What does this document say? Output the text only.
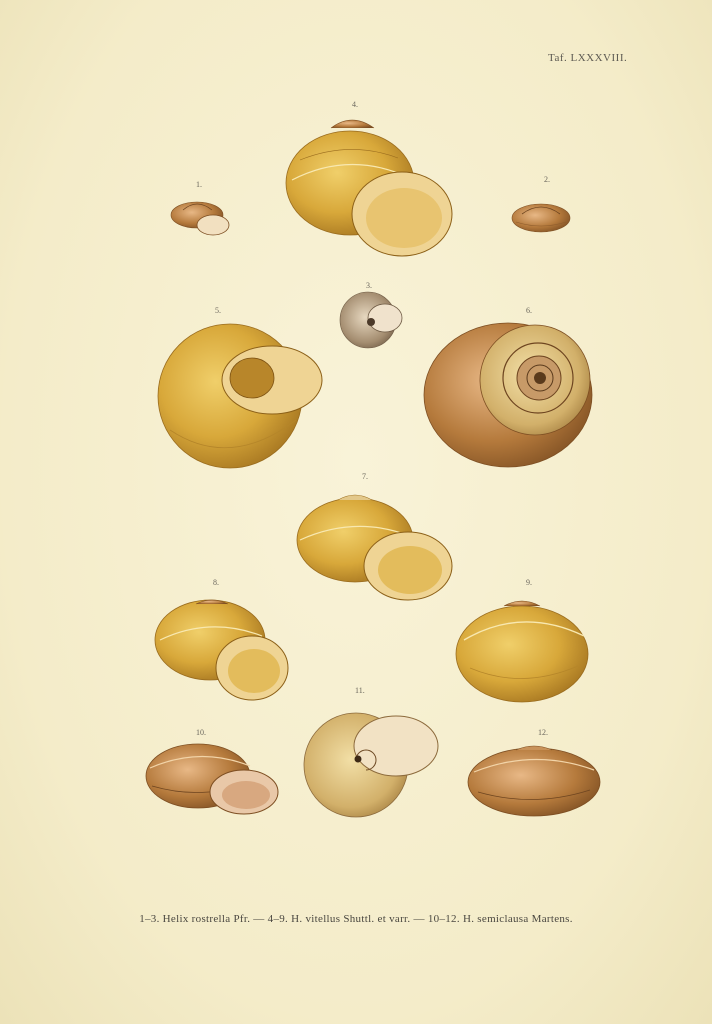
Taf. LXXXVIII.
1.
2.
3.
4.
5.	6.
7.
8.	9.
10.
11.
12.
1–3. Helix rostrella Pfr. — 4–9. H. vitellus Shuttl. et varr. — 10–12. H. semiclausa Martens.
